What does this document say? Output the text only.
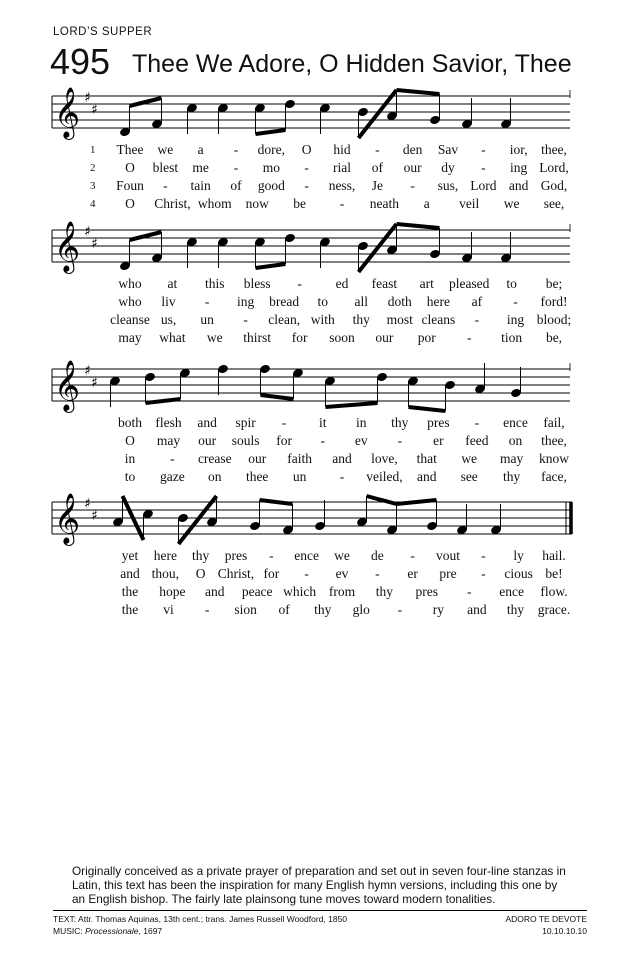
LORD’S SUPPER
495 Thee We Adore, O Hidden Savior, Thee
𝄞 ♯
♯
1 Thee we a - dore, O hid - den Sav - ior, thee,
2 O blest me - mo - rial of our dy - ing Lord,
3 Foun - tain of good - ness, Je - sus, Lord and God,
4 O Christ, whom now be	- neath a veil we see,
𝄞 ♯
♯
who at this bless -	ed feast art pleased to be;
who liv - ing bread to all doth here af - ford!
cleanse us, un - clean, with thy most cleans - ing blood;
may what we thirst for soon our por - tion be,
𝄞 ♯
♯
both flesh and spir - it in thy pres - ence fail,
O may our souls for - ev - er feed on thee,
in	- crease our faith and love, that we may know
to gaze on thee un - veiled, and see thy face,
𝄞 ♯
♯
yet here thy pres - ence we de - vout - ly hail.
and thou, O Christ, for - ev - er pre - cious be!
the hope and peace which from thy pres - ence flow.
the vi - sion of thy glo - ry and thy grace.
Originally conceived as a private prayer of preparation and set out in seven four-line stanzas in Latin, this text has been the inspiration for many English hymn versions, including this one by an English bishop. The fairly late plainsong tune moves toward modern tonalities.
TEXT: Attr. Thomas Aquinas, 13th cent.; trans. James Russell Woodford, 1850
MUSIC: Processionale, 1697
ADORO TE DEVOTE
10.10.10.10
